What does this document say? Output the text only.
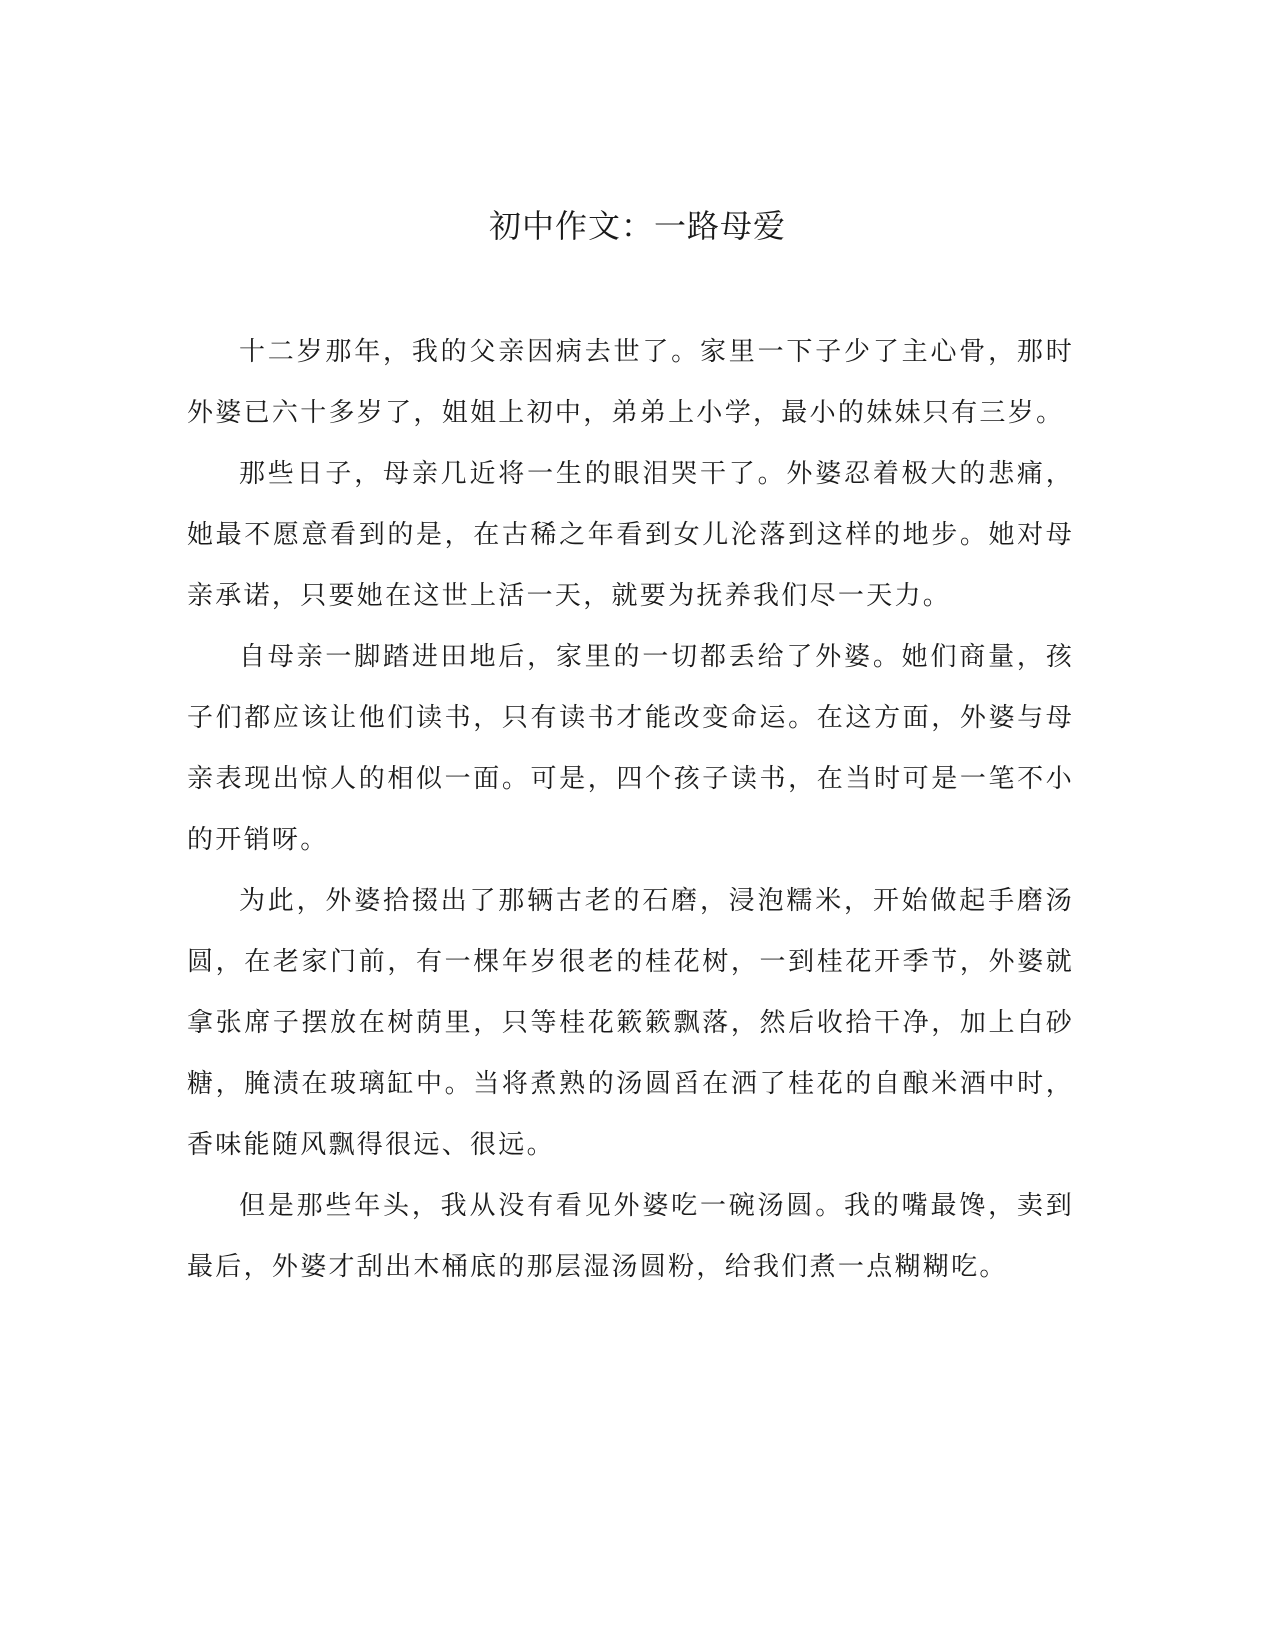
初中作文：一路母爱

十二岁那年，我的父亲因病去世了。家里一下子少了主心骨，那时外婆已六十多岁了，姐姐上初中，弟弟上小学，最小的妹妹只有三岁。

那些日子，母亲几近将一生的眼泪哭干了。外婆忍着极大的悲痛，她最不愿意看到的是，在古稀之年看到女儿沦落到这样的地步。她对母亲承诺，只要她在这世上活一天，就要为抚养我们尽一天力。

自母亲一脚踏进田地后，家里的一切都丢给了外婆。她们商量，孩子们都应该让他们读书，只有读书才能改变命运。在这方面，外婆与母亲表现出惊人的相似一面。可是，四个孩子读书，在当时可是一笔不小的开销呀。

为此，外婆拾掇出了那辆古老的石磨，浸泡糯米，开始做起手磨汤圆，在老家门前，有一棵年岁很老的桂花树，一到桂花开季节，外婆就拿张席子摆放在树荫里，只等桂花簌簌飘落，然后收拾干净，加上白砂糖，腌渍在玻璃缸中。当将煮熟的汤圆舀在洒了桂花的自酿米酒中时，香味能随风飘得很远、很远。

但是那些年头，我从没有看见外婆吃一碗汤圆。我的嘴最馋，卖到最后，外婆才刮出木桶底的那层湿汤圆粉，给我们煮一点糊糊吃。
